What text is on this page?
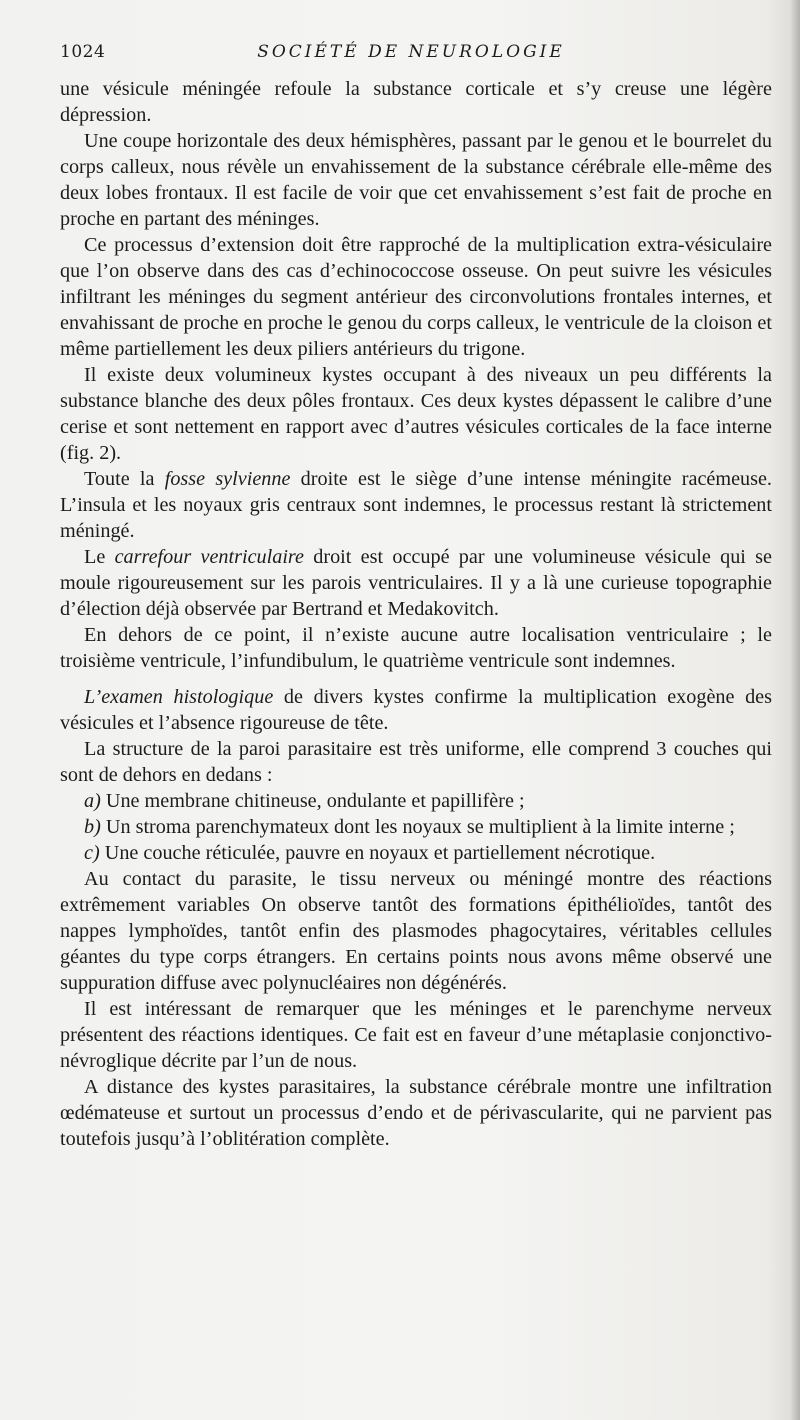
1024	SOCIÉTÉ DE NEUROLOGIE

une vésicule méningée refoule la substance corticale et s’y creuse une légère dépression.

Une coupe horizontale des deux hémisphères, passant par le genou et le bourrelet du corps calleux, nous révèle un envahissement de la substance cérébrale elle-même des deux lobes frontaux. Il est facile de voir que cet envahissement s’est fait de proche en proche en partant des méninges.

Ce processus d’extension doit être rapproché de la multiplication extra-vésiculaire que l’on observe dans des cas d’echinococcose osseuse. On peut suivre les vésicules infiltrant les méninges du segment antérieur des circonvolutions frontales internes, et envahissant de proche en proche le genou du corps calleux, le ventricule de la cloison et même partiellement les deux piliers antérieurs du trigone.

Il existe deux volumineux kystes occupant à des niveaux un peu différents la substance blanche des deux pôles frontaux. Ces deux kystes dépassent le calibre d’une cerise et sont nettement en rapport avec d’autres vésicules corticales de la face interne (fig. 2).

Toute la fosse sylvienne droite est le siège d’une intense méningite racémeuse. L’insula et les noyaux gris centraux sont indemnes, le processus restant là strictement méningé.

Le carrefour ventriculaire droit est occupé par une volumineuse vésicule qui se moule rigoureusement sur les parois ventriculaires. Il y a là une curieuse topographie d’élection déjà observée par Bertrand et Medakovitch.

En dehors de ce point, il n’existe aucune autre localisation ventriculaire ; le troisième ventricule, l’infundibulum, le quatrième ventricule sont indemnes.

L’examen histologique de divers kystes confirme la multiplication exogène des vésicules et l’absence rigoureuse de tête.

La structure de la paroi parasitaire est très uniforme, elle comprend 3 couches qui sont de dehors en dedans :

a) Une membrane chitineuse, ondulante et papillifère ;

b) Un stroma parenchymateux dont les noyaux se multiplient à la limite interne ;

c) Une couche réticulée, pauvre en noyaux et partiellement nécrotique.

Au contact du parasite, le tissu nerveux ou méningé montre des réactions extrêmement variables On observe tantôt des formations épithélioïdes, tantôt des nappes lymphoïdes, tantôt enfin des plasmodes phagocytaires, véritables cellules géantes du type corps étrangers. En certains points nous avons même observé une suppuration diffuse avec polynucléaires non dégénérés.

Il est intéressant de remarquer que les méninges et le parenchyme nerveux présentent des réactions identiques. Ce fait est en faveur d’une métaplasie conjonctivo-névroglique décrite par l’un de nous.

A distance des kystes parasitaires, la substance cérébrale montre une infiltration œdémateuse et surtout un processus d’endo et de périvascularite, qui ne parvient pas toutefois jusqu’à l’oblitération complète.
